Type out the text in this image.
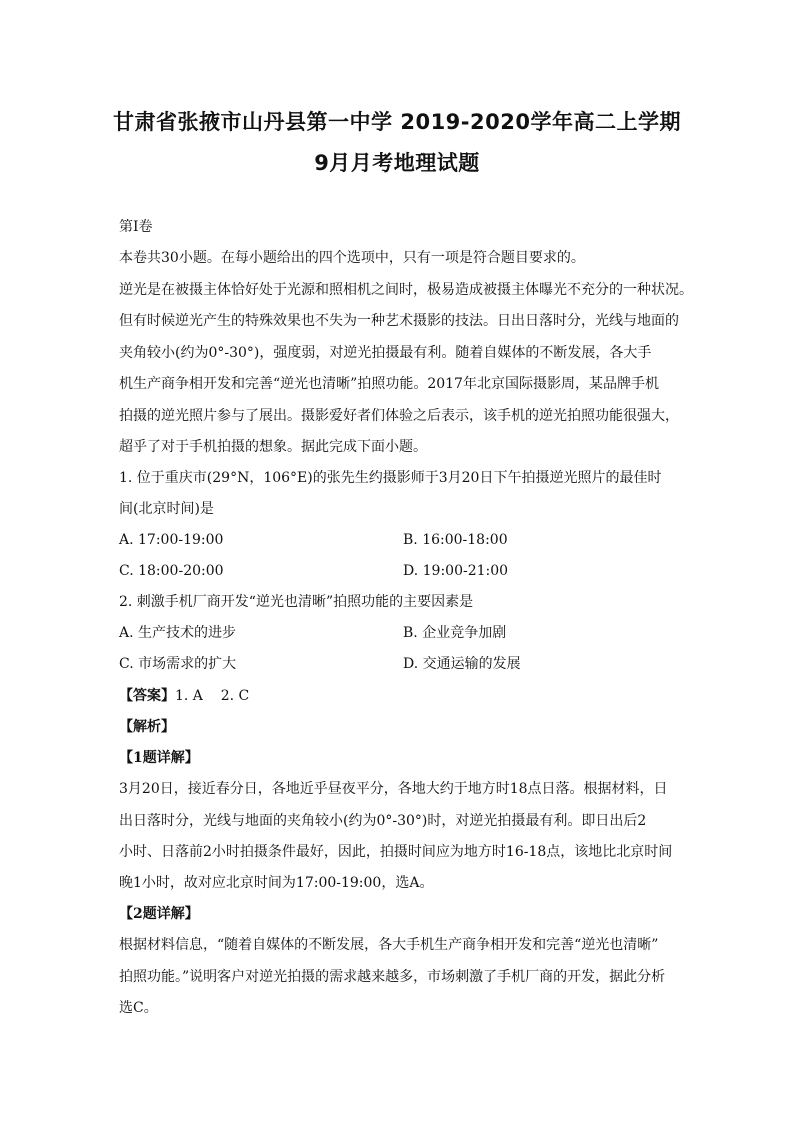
甘肃省张掖市山丹县第一中学 2019-2020学年高二上学期
9月月考地理试题
第Ⅰ卷
本卷共30小题。在每小题给出的四个选项中，只有一项是符合题目要求的。
逆光是在被摄主体恰好处于光源和照相机之间时，极易造成被摄主体曝光不充分的一种状况。
但有时候逆光产生的特殊效果也不失为一种艺术摄影的技法。日出日落时分，光线与地面的
夹角较小(约为0°-30°)，强度弱，对逆光拍摄最有利。随着自媒体的不断发展，各大手
机生产商争相开发和完善“逆光也清晰”拍照功能。2017年北京国际摄影周，某品牌手机
拍摄的逆光照片参与了展出。摄影爱好者们体验之后表示，该手机的逆光拍照功能很强大，
超乎了对于手机拍摄的想象。据此完成下面小题。
1. 位于重庆市(29°N，106°E)的张先生约摄影师于3月20日下午拍摄逆光照片的最佳时
间(北京时间)是
A. 17:00-19:00	B. 16:00-18:00
C. 18:00-20:00	D. 19:00-21:00
2. 刺激手机厂商开发“逆光也清晰”拍照功能的主要因素是
A. 生产技术的进步	B. 企业竞争加剧
C. 市场需求的扩大	D. 交通运输的发展
【答案】1. A    2. C
【解析】
【1题详解】
3月20日，接近春分日，各地近乎昼夜平分，各地大约于地方时18点日落。根据材料，日
出日落时分，光线与地面的夹角较小(约为0°-30°)时，对逆光拍摄最有利。即日出后2
小时、日落前2小时拍摄条件最好，因此，拍摄时间应为地方时16-18点，该地比北京时间
晚1小时，故对应北京时间为17:00-19:00，选A。
【2题详解】
根据材料信息，“随着自媒体的不断发展，各大手机生产商争相开发和完善“逆光也清晰”
拍照功能。”说明客户对逆光拍摄的需求越来越多，市场刺激了手机厂商的开发，据此分析
选C。
